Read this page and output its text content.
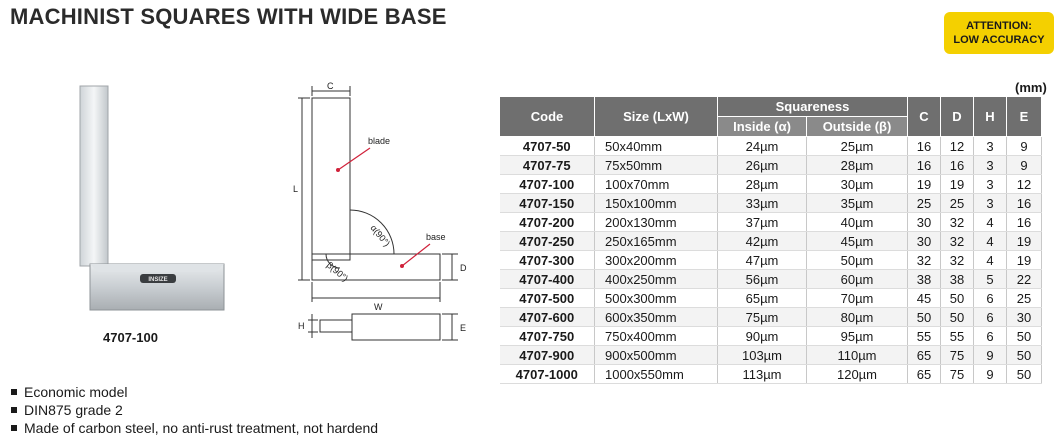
MACHINIST SQUARES WITH WIDE BASE	ATTENTION:
LOW ACCURACY
INSIZE
4707-100
C
L
blade
α(90°)	base
β(90°)	D
W
H	E
Economic model
DIN875 grade 2
Made of carbon steel, no anti-rust treatment, not hardend
(mm)
Code	Size (LxW)	Squareness		C	D	H	E
		Inside (α)	Outside (β)				
4707-50	50x40mm	24µm	25µm	16	12	3	9
4707-75	75x50mm	26µm	28µm	16	16	3	9
4707-100	100x70mm	28µm	30µm	19	19	3	12
4707-150	150x100mm	33µm	35µm	25	25	3	16
4707-200	200x130mm	37µm	40µm	30	32	4	16
4707-250	250x165mm	42µm	45µm	30	32	4	19
4707-300	300x200mm	47µm	50µm	32	32	4	19
4707-400	400x250mm	56µm	60µm	38	38	5	22
4707-500	500x300mm	65µm	70µm	45	50	6	25
4707-600	600x350mm	75µm	80µm	50	50	6	30
4707-750	750x400mm	90µm	95µm	55	55	6	50
4707-900	900x500mm	103µm	110µm	65	75	9	50
4707-1000	1000x550mm	113µm	120µm	65	75	9	50
